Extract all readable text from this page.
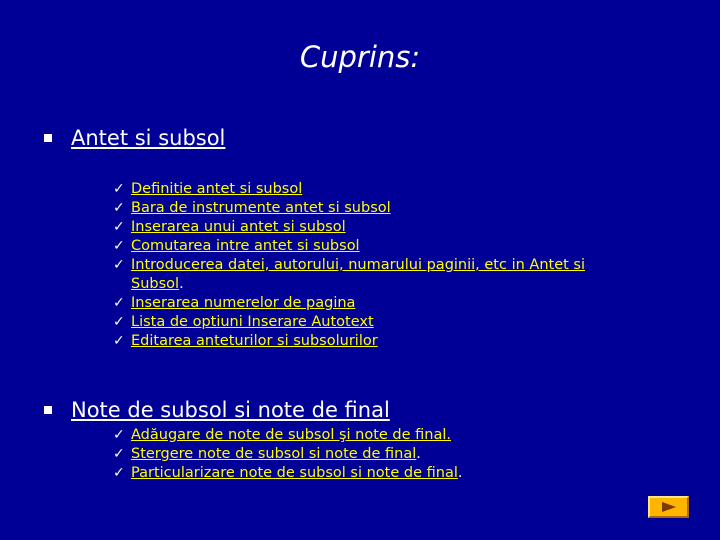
Cuprins:
Antet si subsol
✓ Definitie antet si subsol
✓ Bara de instrumente antet si subsol
✓ Inserarea unui antet si subsol
✓ Comutarea intre antet si subsol
✓ Introducerea datei, autorului, numarului paginii, etc in Antet si Subsol.
✓ Inserarea numerelor de pagina
✓ Lista de optiuni Inserare Autotext
✓ Editarea anteturilor si subsolurilor
Note de subsol si note de final
✓ Adăugare de note de subsol şi note de final.
✓ Stergere note de subsol si note de final.
✓ Particularizare note de subsol si note de final.
